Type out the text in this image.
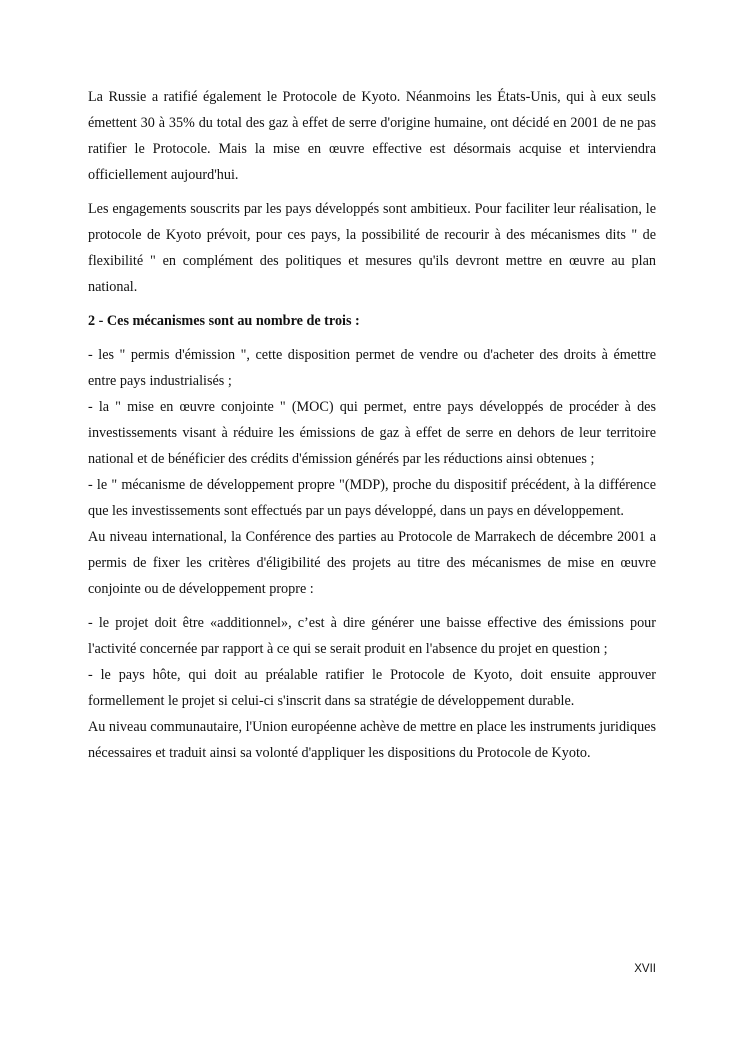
La Russie a ratifié également le Protocole de Kyoto. Néanmoins les États-Unis, qui à eux seuls émettent 30 à 35% du total des gaz à effet de serre d'origine humaine, ont décidé en 2001 de ne pas ratifier le Protocole. Mais la mise en œuvre effective est désormais acquise et interviendra officiellement aujourd'hui.

Les engagements souscrits par les pays développés sont ambitieux. Pour faciliter leur réalisation, le protocole de Kyoto prévoit, pour ces pays, la possibilité de recourir à des mécanismes dits " de flexibilité " en complément des politiques et mesures qu'ils devront mettre en œuvre au plan national.

2 - Ces mécanismes sont au nombre de trois :

- les " permis d'émission ", cette disposition permet de vendre ou d'acheter des droits à émettre entre pays industrialisés ;

- la " mise en œuvre conjointe " (MOC) qui permet, entre pays développés de procéder à des investissements visant à réduire les émissions de gaz à effet de serre en dehors de leur territoire national et de bénéficier des crédits d'émission générés par les réductions ainsi obtenues ;

- le " mécanisme de développement propre "(MDP), proche du dispositif précédent, à la différence que les investissements sont effectués par un pays développé, dans un pays en développement.

Au niveau international, la Conférence des parties au Protocole de Marrakech de décembre 2001 a permis de fixer les critères d'éligibilité des projets au titre des mécanismes de mise en œuvre conjointe ou de développement propre :

- le projet doit être «additionnel», c’est à dire générer une baisse effective des émissions pour l'activité concernée par rapport à ce qui se serait produit en l'absence du projet en question ;

- le pays hôte, qui doit au préalable ratifier le Protocole de Kyoto, doit ensuite approuver formellement le projet si celui-ci s'inscrit dans sa stratégie de développement durable.

Au niveau communautaire, l'Union européenne achève de mettre en place les instruments juridiques nécessaires et traduit ainsi sa volonté d'appliquer les dispositions du Protocole de Kyoto.

XVII
